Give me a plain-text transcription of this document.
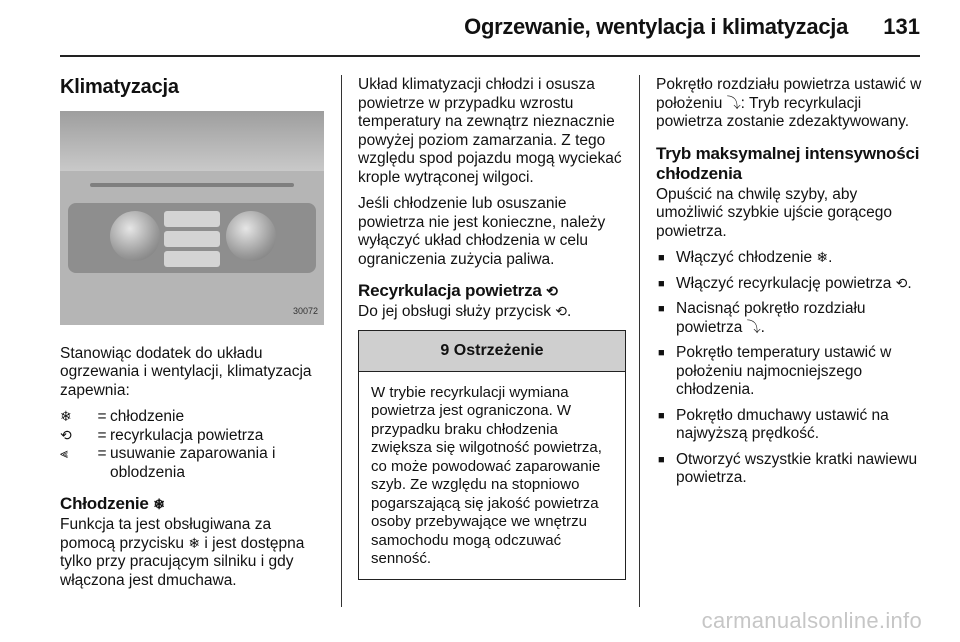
Ogrzewanie, wentylacja i klimatyzacja 131
Klimatyzacja
30072

Stanowiąc dodatek do układu ogrzewania i wentylacji, klimatyzacja zapewnia:

❄	= chłodzenie
⟲	= recyrkulacja powietrza
⫷	= usuwanie zaparowania i oblodzenia
Chłodzenie ❄

Funkcja ta jest obsługiwana za pomocą przycisku ❄ i jest dostępna tylko przy pracującym silniku i gdy włączona jest dmuchawa.

Układ klimatyzacji chłodzi i osusza powietrze w przypadku wzrostu temperatury na zewnątrz nieznacznie powyżej poziom zamarzania. Z tego względu spod pojazdu mogą wyciekać krople wytrąconej wilgoci.

Jeśli chłodzenie lub osuszanie powietrza nie jest konieczne, należy wyłączyć układ chłodzenia w celu ograniczenia zużycia paliwa.

Recyrkulacja powietrza ⟲

Do jej obsługi służy przycisk ⟲.

9 Ostrzeżenie
W trybie recyrkulacji wymiana powietrza jest ograniczona. W przypadku braku chłodzenia zwiększa się wilgotność powietrza, co może powodować zaparowanie szyb. Ze względu na stopniowo pogarszającą się jakość powietrza osoby przebywające we wnętrzu samochodu mogą odczuwać senność.

Pokrętło rozdziału powietrza ustawić w położeniu ⤵: Tryb recyrkulacji powietrza zostanie zdezaktywowany.

Tryb maksymalnej intensywności chłodzenia

Opuścić na chwilę szyby, aby umożliwić szybkie ujście gorącego powietrza.

■ Włączyć chłodzenie ❄.
■ Włączyć recyrkulację powietrza ⟲.
■ Nacisnąć pokrętło rozdziału powietrza ⤵.
■ Pokrętło temperatury ustawić w położeniu najmocniejszego chłodzenia.
■ Pokrętło dmuchawy ustawić na najwyższą prędkość.
■ Otworzyć wszystkie kratki nawiewu powietrza.
carmanualsonline.info
